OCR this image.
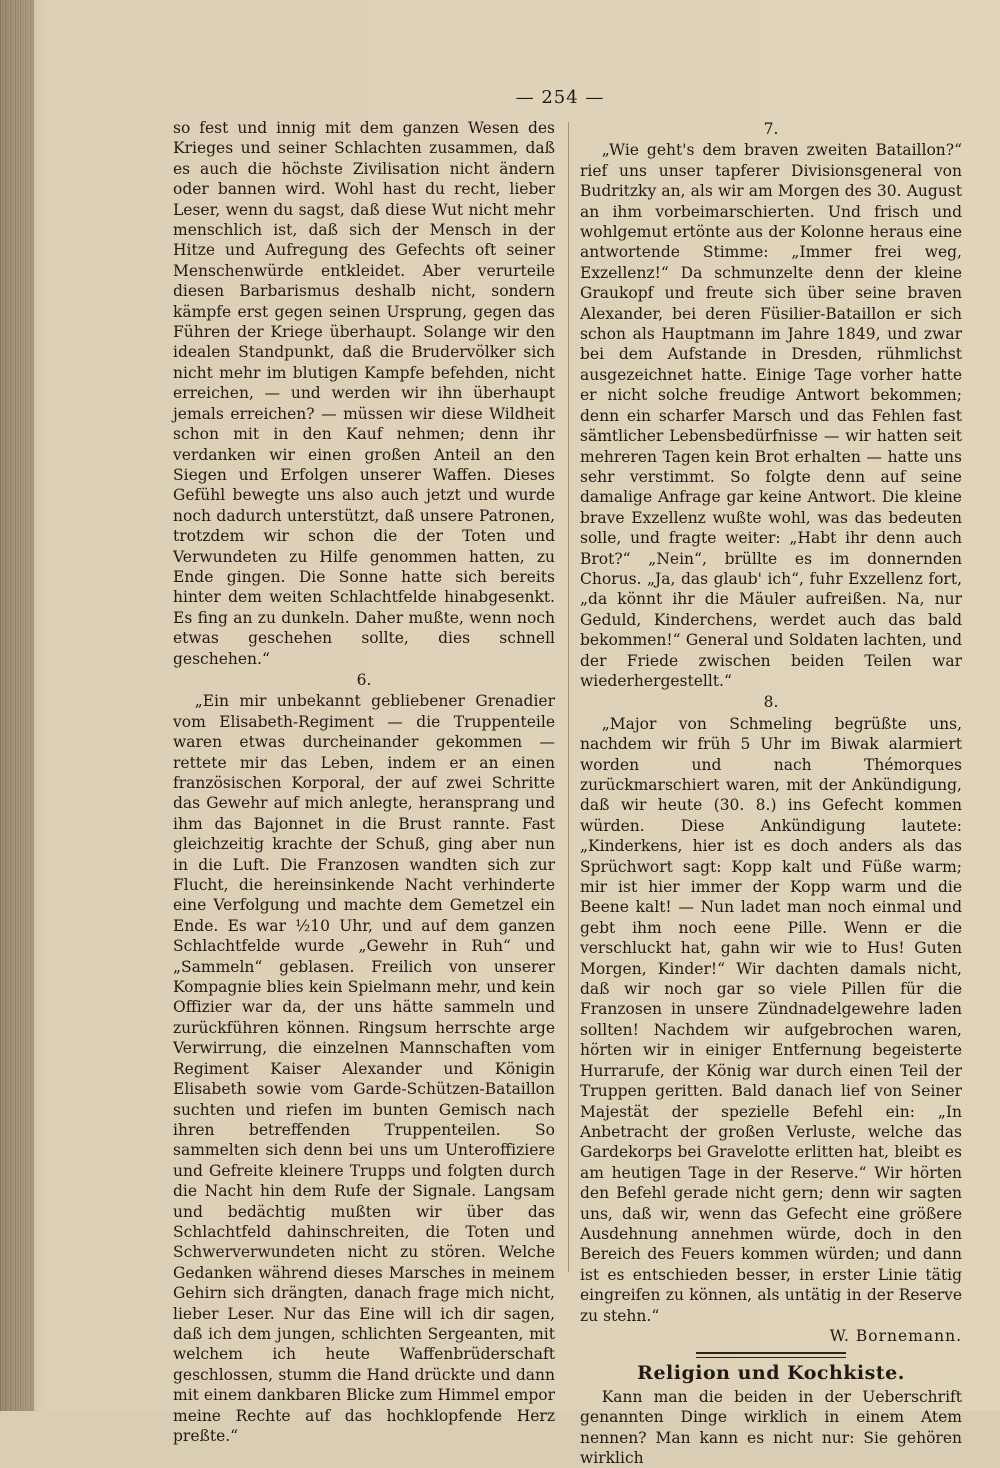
— 254 —

so fest und innig mit dem ganzen Wesen des Krieges und seiner Schlachten zusammen, daß es auch die höchste Zivilisation nicht ändern oder bannen wird. Wohl hast du recht, lieber Leser, wenn du sagst, daß diese Wut nicht mehr menschlich ist, daß sich der Mensch in der Hitze und Aufregung des Gefechts oft seiner Menschenwürde entkleidet. Aber verurteile diesen Barbarismus deshalb nicht, sondern kämpfe erst gegen seinen Ursprung, gegen das Führen der Kriege überhaupt. Solange wir den idealen Standpunkt, daß die Brudervölker sich nicht mehr im blutigen Kampfe befehden, nicht erreichen, — und werden wir ihn überhaupt jemals erreichen? — müssen wir diese Wildheit schon mit in den Kauf nehmen; denn ihr verdanken wir einen großen Anteil an den Siegen und Erfolgen unserer Waffen. Dieses Gefühl bewegte uns also auch jetzt und wurde noch dadurch unterstützt, daß unsere Patronen, trotzdem wir schon die der Toten und Verwundeten zu Hilfe genommen hatten, zu Ende gingen. Die Sonne hatte sich bereits hinter dem weiten Schlachtfelde hinabgesenkt. Es fing an zu dunkeln. Daher mußte, wenn noch etwas geschehen sollte, dies schnell geschehen.“

6.

„Ein mir unbekannt gebliebener Grenadier vom Elisabeth-Regiment — die Truppenteile waren etwas durcheinander gekommen — rettete mir das Leben, indem er an einen französischen Korporal, der auf zwei Schritte das Gewehr auf mich anlegte, heransprang und ihm das Bajonnet in die Brust rannte. Fast gleichzeitig krachte der Schuß, ging aber nun in die Luft. Die Franzosen wandten sich zur Flucht, die hereinsinkende Nacht verhinderte eine Verfolgung und machte dem Gemetzel ein Ende. Es war ½10 Uhr, und auf dem ganzen Schlachtfelde wurde „Gewehr in Ruh“ und „Sammeln“ geblasen. Freilich von unserer Kompagnie blies kein Spielmann mehr, und kein Offizier war da, der uns hätte sammeln und zurückführen können. Ringsum herrschte arge Verwirrung, die einzelnen Mannschaften vom Regiment Kaiser Alexander und Königin Elisabeth sowie vom Garde-Schützen-Bataillon suchten und riefen im bunten Gemisch nach ihren betreffenden Truppenteilen. So sammelten sich denn bei uns um Unteroffiziere und Gefreite kleinere Trupps und folgten durch die Nacht hin dem Rufe der Signale. Langsam und bedächtig mußten wir über das Schlachtfeld dahinschreiten, die Toten und Schwerverwundeten nicht zu stören. Welche Gedanken während dieses Marsches in meinem Gehirn sich drängten, danach frage mich nicht, lieber Leser. Nur das Eine will ich dir sagen, daß ich dem jungen, schlichten Sergeanten, mit welchem ich heute Waffenbrüderschaft geschlossen, stumm die Hand drückte und dann mit einem dankbaren Blicke zum Himmel empor meine Rechte auf das hochklopfende Herz preßte.“

7.

„Wie geht's dem braven zweiten Bataillon?“ rief uns unser tapferer Divisionsgeneral von Budritzky an, als wir am Morgen des 30. August an ihm vorbeimarschierten. Und frisch und wohlgemut ertönte aus der Kolonne heraus eine antwortende Stimme: „Immer frei weg, Exzellenz!“ Da schmunzelte denn der kleine Graukopf und freute sich über seine braven Alexander, bei deren Füsilier-Bataillon er sich schon als Hauptmann im Jahre 1849, und zwar bei dem Aufstande in Dresden, rühmlichst ausgezeichnet hatte. Einige Tage vorher hatte er nicht solche freudige Antwort bekommen; denn ein scharfer Marsch und das Fehlen fast sämtlicher Lebensbedürfnisse — wir hatten seit mehreren Tagen kein Brot erhalten — hatte uns sehr verstimmt. So folgte denn auf seine damalige Anfrage gar keine Antwort. Die kleine brave Exzellenz wußte wohl, was das bedeuten solle, und fragte weiter: „Habt ihr denn auch Brot?“ „Nein“, brüllte es im donnernden Chorus. „Ja, das glaub' ich“, fuhr Exzellenz fort, „da könnt ihr die Mäuler aufreißen. Na, nur Geduld, Kinderchens, werdet auch das bald bekommen!“ General und Soldaten lachten, und der Friede zwischen beiden Teilen war wiederhergestellt.“

8.

„Major von Schmeling begrüßte uns, nachdem wir früh 5 Uhr im Biwak alarmiert worden und nach Thémorques zurückmarschiert waren, mit der Ankündigung, daß wir heute (30. 8.) ins Gefecht kommen würden. Diese Ankündigung lautete: „Kinderkens, hier ist es doch anders als das Sprüchwort sagt: Kopp kalt und Füße warm; mir ist hier immer der Kopp warm und die Beene kalt! — Nun ladet man noch einmal und gebt ihm noch eene Pille. Wenn er die verschluckt hat, gahn wir wie to Hus! Guten Morgen, Kinder!“ Wir dachten damals nicht, daß wir noch gar so viele Pillen für die Franzosen in unsere Zündnadelgewehre laden sollten! Nachdem wir aufgebrochen waren, hörten wir in einiger Entfernung begeisterte Hurrarufe, der König war durch einen Teil der Truppen geritten. Bald danach lief von Seiner Majestät der spezielle Befehl ein: „In Anbetracht der großen Verluste, welche das Gardekorps bei Gravelotte erlitten hat, bleibt es am heutigen Tage in der Reserve.“ Wir hörten den Befehl gerade nicht gern; denn wir sagten uns, daß wir, wenn das Gefecht eine größere Ausdehnung annehmen würde, doch in den Bereich des Feuers kommen würden; und dann ist es entschieden besser, in erster Linie tätig eingreifen zu können, als untätig in der Reserve zu stehn.“

W. Bornemann.
Religion und Kochkiste.

Kann man die beiden in der Ueberschrift genannten Dinge wirklich in einem Atem nennen? Man kann es nicht nur: Sie gehören wirklich
